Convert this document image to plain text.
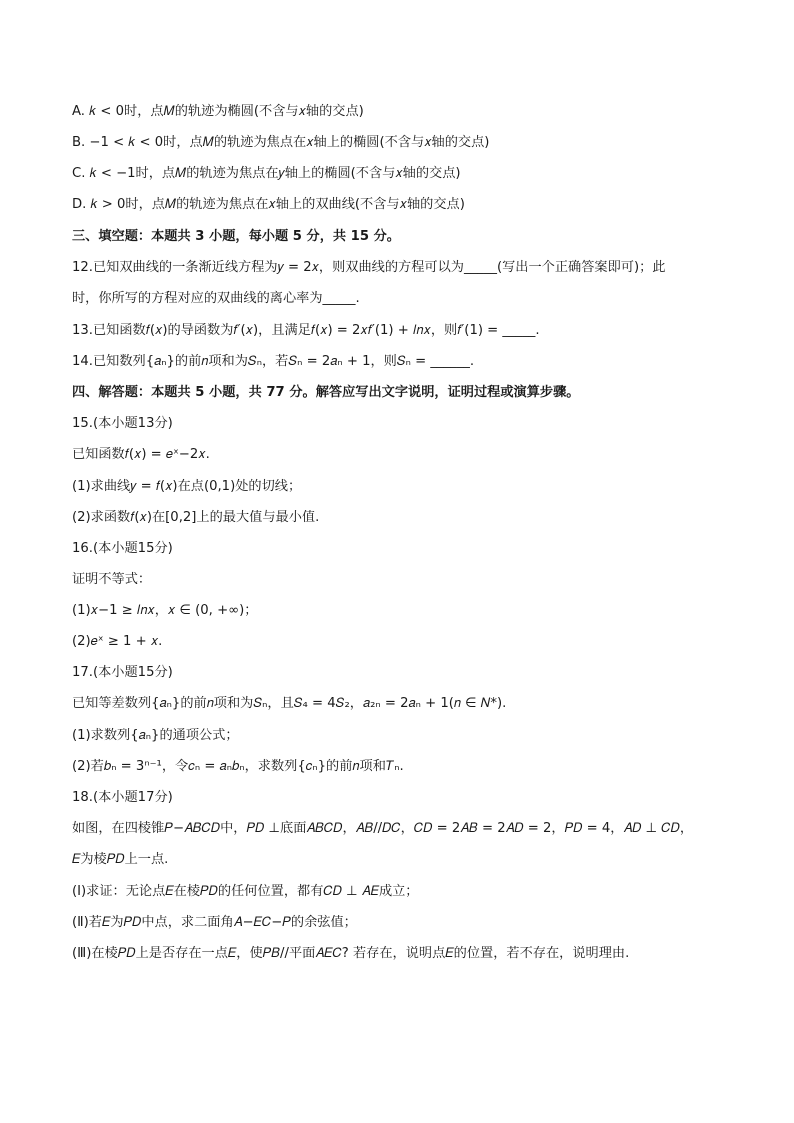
A. 𝑘 < 0时，点𝑀的轨迹为椭圆(不含与𝑥轴的交点)
B. −1 < 𝑘 < 0时，点𝑀的轨迹为焦点在𝑥轴上的椭圆(不含与𝑥轴的交点)
C. 𝑘 < −1时，点𝑀的轨迹为焦点在𝑦轴上的椭圆(不含与𝑥轴的交点)
D. 𝑘 > 0时，点𝑀的轨迹为焦点在𝑥轴上的双曲线(不含与𝑥轴的交点)
三、填空题：本题共 3 小题，每小题 5 分，共 15 分。
12.已知双曲线的一条渐近线方程为𝑦 = 2𝑥，则双曲线的方程可以为_____(写出一个正确答案即可)；此
时，你所写的方程对应的双曲线的离心率为_____.
13.已知函数𝑓(𝑥)的导函数为𝑓′(𝑥)，且满足𝑓(𝑥) = 2𝑥𝑓′(1) + 𝑙𝑛𝑥，则𝑓′(1) = _____.
14.已知数列{𝑎ₙ}的前𝑛项和为𝑆ₙ，若𝑆ₙ = 2𝑎ₙ + 1，则𝑆ₙ = ______.
四、解答题：本题共 5 小题，共 77 分。解答应写出文字说明，证明过程或演算步骤。
15.(本小题13分)
已知函数𝑓(𝑥) = 𝑒ˣ−2𝑥.
(1)求曲线𝑦 = 𝑓(𝑥)在点(0,1)处的切线；
(2)求函数𝑓(𝑥)在[0,2]上的最大值与最小值.
16.(本小题15分)
证明不等式：
(1)𝑥−1 ≥ 𝑙𝑛𝑥，𝑥 ∈ (0, +∞)；
(2)𝑒ˣ ≥ 1 + 𝑥.
17.(本小题15分)
已知等差数列{𝑎ₙ}的前𝑛项和为𝑆ₙ，且𝑆₄ = 4𝑆₂，𝑎₂ₙ = 2𝑎ₙ + 1(𝑛 ∈ 𝑁*).
(1)求数列{𝑎ₙ}的通项公式；
(2)若𝑏ₙ = 3ⁿ⁻¹，令𝑐ₙ = 𝑎ₙ𝑏ₙ，求数列{𝑐ₙ}的前𝑛项和𝑇ₙ.
18.(本小题17分)
如图，在四棱锥𝑃−𝐴𝐵𝐶𝐷中，𝑃𝐷 ⊥底面𝐴𝐵𝐶𝐷，𝐴𝐵//𝐷𝐶，𝐶𝐷 = 2𝐴𝐵 = 2𝐴𝐷 = 2，𝑃𝐷 = 4，𝐴𝐷 ⊥ 𝐶𝐷，
𝐸为棱𝑃𝐷上一点.
(Ⅰ)求证：无论点𝐸在棱𝑃𝐷的任何位置，都有𝐶𝐷 ⊥ 𝐴𝐸成立；
(Ⅱ)若𝐸为𝑃𝐷中点，求二面角𝐴−𝐸𝐶−𝑃的余弦值；
(Ⅲ)在棱𝑃𝐷上是否存在一点𝐸，使𝑃𝐵//平面𝐴𝐸𝐶? 若存在，说明点𝐸的位置，若不存在，说明理由.
